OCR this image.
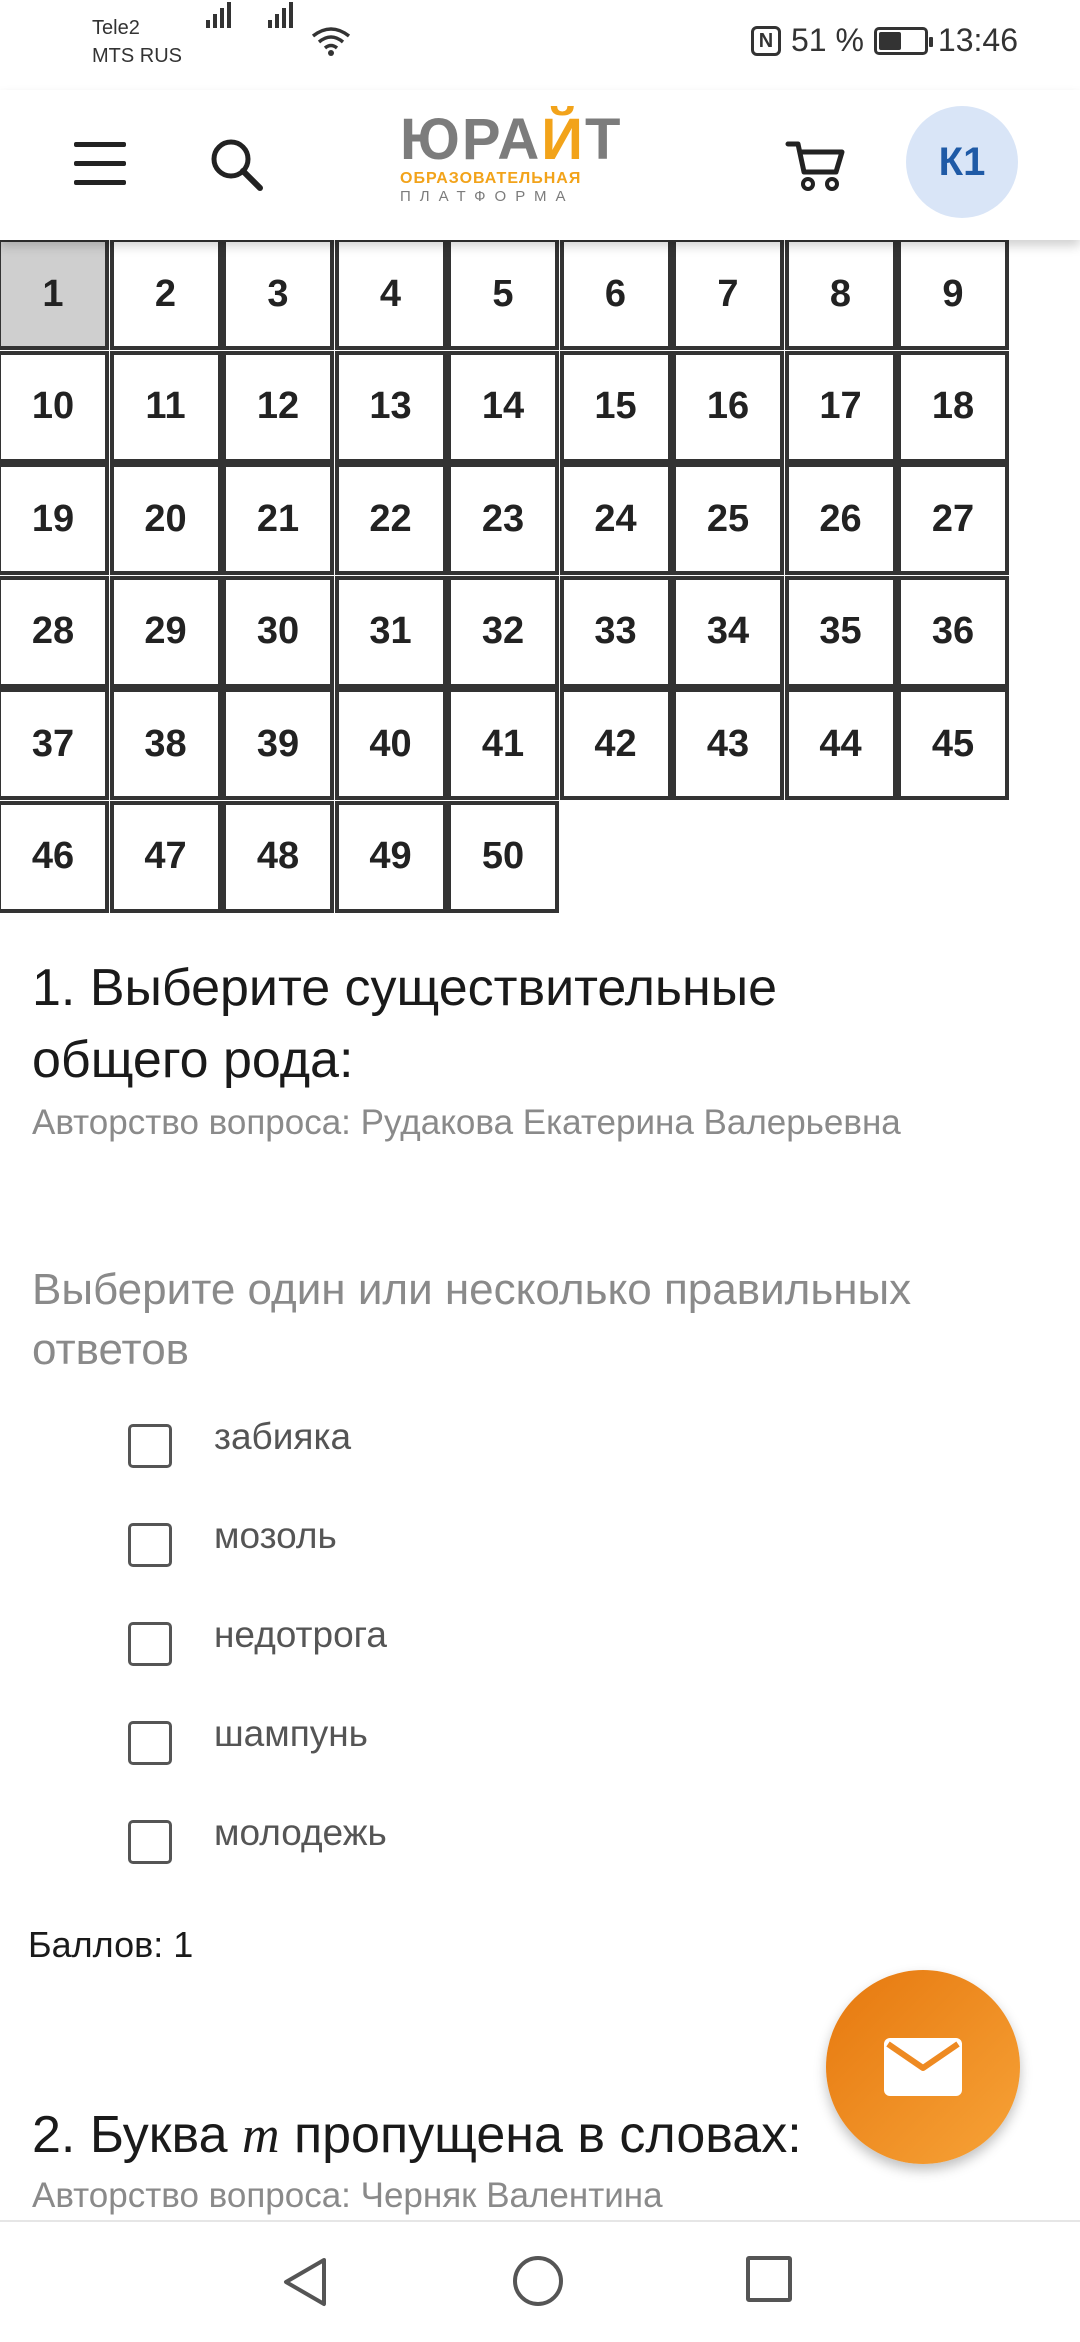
Tele2
MTS RUS
N 51 % 13:46
ЮРАЙТ
ОБРАЗОВАТЕЛЬНАЯ
ПЛАТФОРМА
К1
1	2	3	4	5	6	7	8	9
10	11	12	13	14	15	16	17	18
19	20	21	22	23	24	25	26	27
28	29	30	31	32	33	34	35	36
37	38	39	40	41	42	43	44	45
46	47	48	49	50
1. Выберите существительные общего рода:
Авторство вопроса: Рудакова Екатерина Валерьевна
Выберите один или несколько правильных ответов
забияка
мозоль
недотрога
шампунь
молодежь
Баллов: 1
2. Буква т пропущена в словах:
Авторство вопроса: Черняк Валентина
